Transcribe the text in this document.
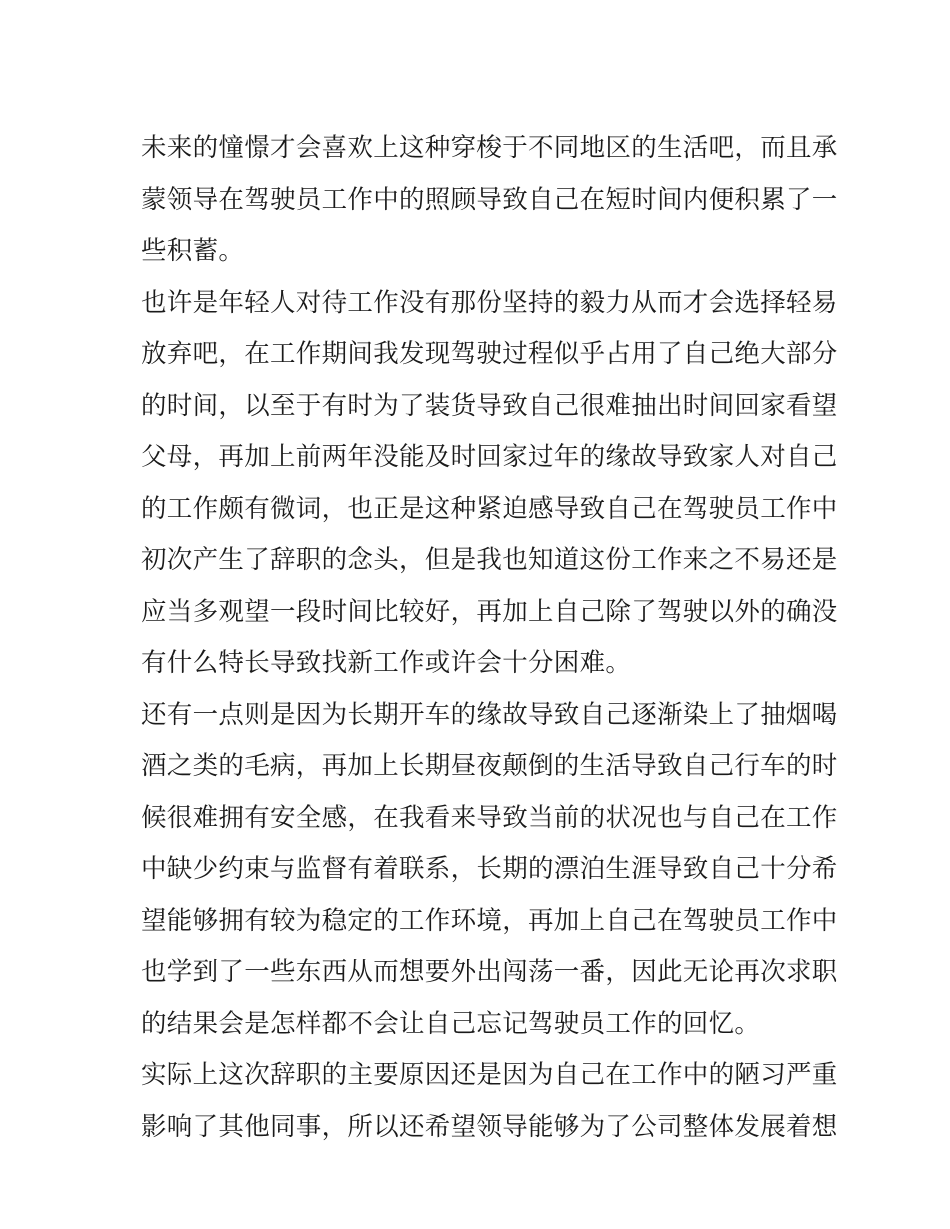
未来的憧憬才会喜欢上这种穿梭于不同地区的生活吧，而且承
蒙领导在驾驶员工作中的照顾导致自己在短时间内便积累了一
些积蓄。
也许是年轻人对待工作没有那份坚持的毅力从而才会选择轻易
放弃吧，在工作期间我发现驾驶过程似乎占用了自己绝大部分
的时间，以至于有时为了装货导致自己很难抽出时间回家看望
父母，再加上前两年没能及时回家过年的缘故导致家人对自己
的工作颇有微词，也正是这种紧迫感导致自己在驾驶员工作中
初次产生了辞职的念头，但是我也知道这份工作来之不易还是
应当多观望一段时间比较好，再加上自己除了驾驶以外的确没
有什么特长导致找新工作或许会十分困难。
还有一点则是因为长期开车的缘故导致自己逐渐染上了抽烟喝
酒之类的毛病，再加上长期昼夜颠倒的生活导致自己行车的时
候很难拥有安全感，在我看来导致当前的状况也与自己在工作
中缺少约束与监督有着联系，长期的漂泊生涯导致自己十分希
望能够拥有较为稳定的工作环境，再加上自己在驾驶员工作中
也学到了一些东西从而想要外出闯荡一番，因此无论再次求职
的结果会是怎样都不会让自己忘记驾驶员工作的回忆。
实际上这次辞职的主要原因还是因为自己在工作中的陋习严重
影响了其他同事，所以还希望领导能够为了公司整体发展着想
